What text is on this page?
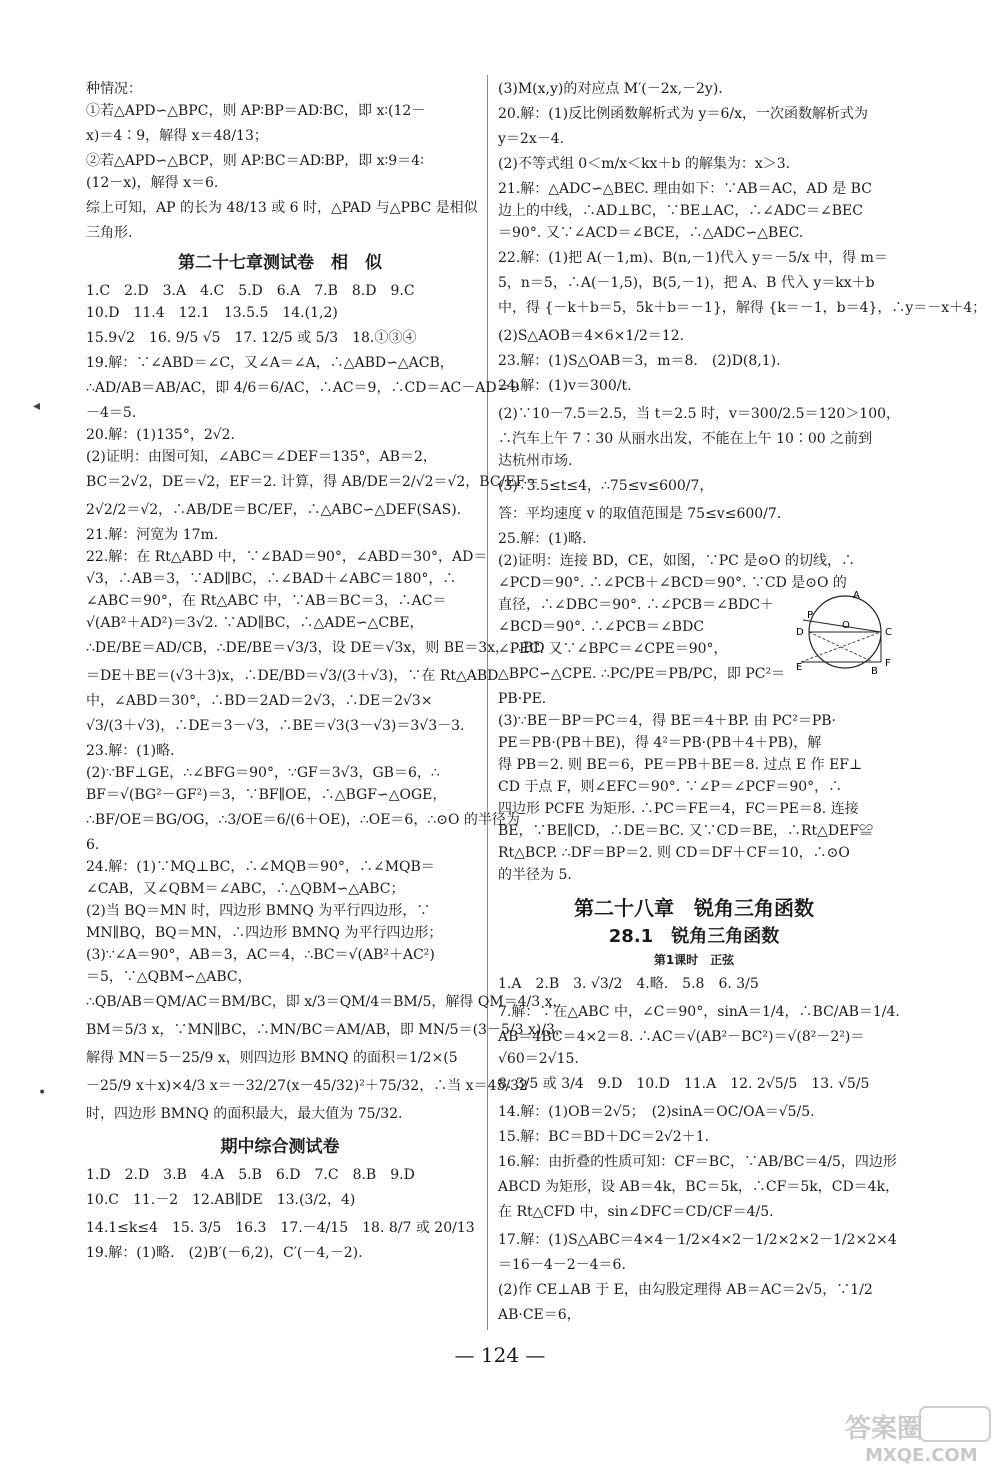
种情况：

①若△APD∽△BPC，则 AP∶BP＝AD∶BC，即 x∶(12－

x)＝4∶9，解得 x＝48/13；

②若△APD∽△BCP，则 AP∶BC＝AD∶BP，即 x∶9＝4∶

(12－x)，解得 x＝6.

综上可知，AP 的长为 48/13 或 6 时，△PAD 与△PBC 是相似

三角形.

第二十七章测试卷　相　似

1.C　2.D　3.A　4.C　5.D　6.A　7.B　8.D　9.C

10.D　11.4　12.1　13.5.5　14.(1,2)

15.9√2　16. 9/5 √5　17. 12/5 或 5/3　18.①③④

19.解：∵∠ABD＝∠C，又∠A＝∠A，∴△ABD∽△ACB，

∴AD/AB＝AB/AC，即 4/6＝6/AC，∴AC＝9，∴CD＝AC－AD＝9

－4＝5.

20.解：(1)135°，2√2.

(2)证明：由图可知，∠ABC＝∠DEF＝135°，AB＝2，

BC＝2√2，DE＝√2，EF＝2. 计算，得 AB/DE＝2/√2＝√2，BC/EF＝

2√2/2＝√2，∴AB/DE＝BC/EF，∴△ABC∽△DEF(SAS).

21.解：河宽为 17m.

22.解：在 Rt△ABD 中，∵∠BAD＝90°，∠ABD＝30°，AD＝

√3，∴AB＝3，∵AD∥BC，∴∠BAD＋∠ABC＝180°，∴

∠ABC＝90°，在 Rt△ABC 中，∵AB＝BC＝3，∴AC＝

√(AB²＋AD²)＝3√2. ∵AD∥BC，∴△ADE∽△CBE，

∴DE/BE＝AD/CB，∴DE/BE＝√3/3，设 DE＝√3x，则 BE＝3x，∴BD

＝DE＋BE＝(√3＋3)x，∴DE/BD＝√3/(3＋√3)，∵在 Rt△ABD

中，∠ABD＝30°，∴BD＝2AD＝2√3，∴DE＝2√3×

√3/(3＋√3)，∴DE＝3－√3，∴BE＝√3(3－√3)＝3√3－3.

23.解：(1)略.

(2)∵BF⊥GE，∴∠BFG＝90°，∵GF＝3√3，GB＝6，∴

BF＝√(BG²－GF²)＝3，∵BF∥OE，∴△BGF∽△OGE，

∴BF/OE＝BG/OG，∴3/OE＝6/(6＋OE)，∴OE＝6，∴⊙O 的半径为

6.

24.解：(1)∵MQ⊥BC，∴∠MQB＝90°，∴∠MQB＝

∠CAB，又∠QBM＝∠ABC，∴△QBM∽△ABC；

(2)当 BQ＝MN 时，四边形 BMNQ 为平行四边形，∵

MN∥BQ，BQ＝MN，∴四边形 BMNQ 为平行四边形；

(3)∵∠A＝90°，AB＝3，AC＝4，∴BC＝√(AB²＋AC²)

＝5，∵△QBM∽△ABC，

∴QB/AB＝QM/AC＝BM/BC，即 x/3＝QM/4＝BM/5，解得 QM＝4/3 x，

BM＝5/3 x，∵MN∥BC，∴MN/BC＝AM/AB，即 MN/5＝(3－5/3 x)/3，

解得 MN＝5－25/9 x，则四边形 BMNQ 的面积＝1/2×(5

－25/9 x＋x)×4/3 x＝－32/27(x－45/32)²＋75/32，∴当 x＝45/32

时，四边形 BMNQ 的面积最大，最大值为 75/32.

期中综合测试卷

1.D　2.D　3.B　4.A　5.B　6.D　7.C　8.B　9.D

10.C　11.－2　12.AB∥DE　13.(3/2，4)

14.1≤k≤4　15. 3/5　16.3　17.－4/15　18. 8/7 或 20/13

19.解：(1)略.　(2)B′(－6,2)，C′(－4,－2).

(3)M(x,y)的对应点 M′(－2x,－2y).

20.解：(1)反比例函数解析式为 y＝6/x，一次函数解析式为

y＝2x－4.

(2)不等式组 0＜m/x＜kx＋b 的解集为：x＞3.

21.解：△ADC∽△BEC. 理由如下：∵AB＝AC，AD 是 BC

边上的中线，∴AD⊥BC，∵BE⊥AC，∴∠ADC＝∠BEC

＝90°. 又∵∠ACD＝∠BCE，∴△ADC∽△BEC.

22.解：(1)把 A(－1,m)、B(n,－1)代入 y＝－5/x 中，得 m＝

5，n＝5，∴A(－1,5)，B(5,－1)，把 A、B 代入 y＝kx＋b

中，得 {－k＋b＝5，5k＋b＝－1}，解得 {k＝－1，b＝4}，∴y＝－x＋4；

(2)S△AOB＝4×6×1/2＝12.

23.解：(1)S△OAB＝3，m＝8.　(2)D(8,1).

24.解：(1)v＝300/t.

(2)∵10－7.5＝2.5，当 t＝2.5 时，v＝300/2.5＝120＞100，

∴汽车上午 7∶30 从丽水出发，不能在上午 10∶00 之前到

达杭州市场.

(3)∵3.5≤t≤4，∴75≤v≤600/7，

答：平均速度 v 的取值范围是 75≤v≤600/7.

25.解：(1)略.

(2)证明：连接 BD，CE，如图，∵PC 是⊙O 的切线，∴

∠PCD＝90°. ∴∠PCB＋∠BCD＝90°. ∵CD 是⊙O 的

直径，∴∠DBC＝90°. ∴∠PCB＝∠BDC＋

∠BCD＝90°. ∴∠PCB＝∠BDC

∠PEC. 又∵∠BPC＝∠CPE＝90°，

△BPC∽△CPE. ∴PC/PE＝PB/PC，即 PC²＝

PB·PE.

(3)∵BE－BP＝PC＝4，得 BE＝4＋BP. 由 PC²＝PB·

PE＝PB·(PB＋BE)，得 4²＝PB·(PB＋4＋PB)，解

得 PB＝2. 则 BE＝6，PE＝PB＋BE＝8. 过点 E 作 EF⊥

CD 于点 F，则∠EFC＝90°. ∵∠P＝∠PCF＝90°，∴

四边形 PCFE 为矩形. ∴PC＝FE＝4，FC＝PE＝8. 连接

BE，∵BE∥CD，∴DE＝BC. 又∵CD＝BE，∴Rt△DEF≌

Rt△BCP. ∴DF＝BP＝2. 则 CD＝DF＋CF＝10，∴⊙O

的半径为 5.

第二十八章　锐角三角函数
28.1　锐角三角函数
第1课时　正弦

1.A　2.B　3. √3/2　4.略.　5.8　6. 3/5

7.解：∵在△ABC 中，∠C＝90°，sinA＝1/4，∴BC/AB＝1/4.

AB＝4BC＝4×2＝8. ∴AC＝√(AB²－BC²)＝√(8²－2²)＝

√60＝2√15.

8. 3/5 或 3/4　9.D　10.D　11.A　12. 2√5/5　13. √5/5

14.解：(1)OB＝2√5；　(2)sinA＝OC/OA＝√5/5.

15.解：BC＝BD＋DC＝2√2＋1.

16.解：由折叠的性质可知：CF＝BC，∵AB/BC＝4/5，四边形

ABCD 为矩形，设 AB＝4k，BC＝5k，∴CF＝5k，CD＝4k，

在 Rt△CFD 中，sin∠DFC＝CD/CF＝4/5.

17.解：(1)S△ABC＝4×4－1/2×4×2－1/2×2×2－1/2×2×4

＝16－4－2－4＝6.

(2)作 CE⊥AB 于 E，由勾股定理得 AB＝AC＝2√5，∵1/2

AB·CE＝6，

A
B
C
D
E	F
O
P
◂
•
— 124 —
答案圈
MXQE.COM
